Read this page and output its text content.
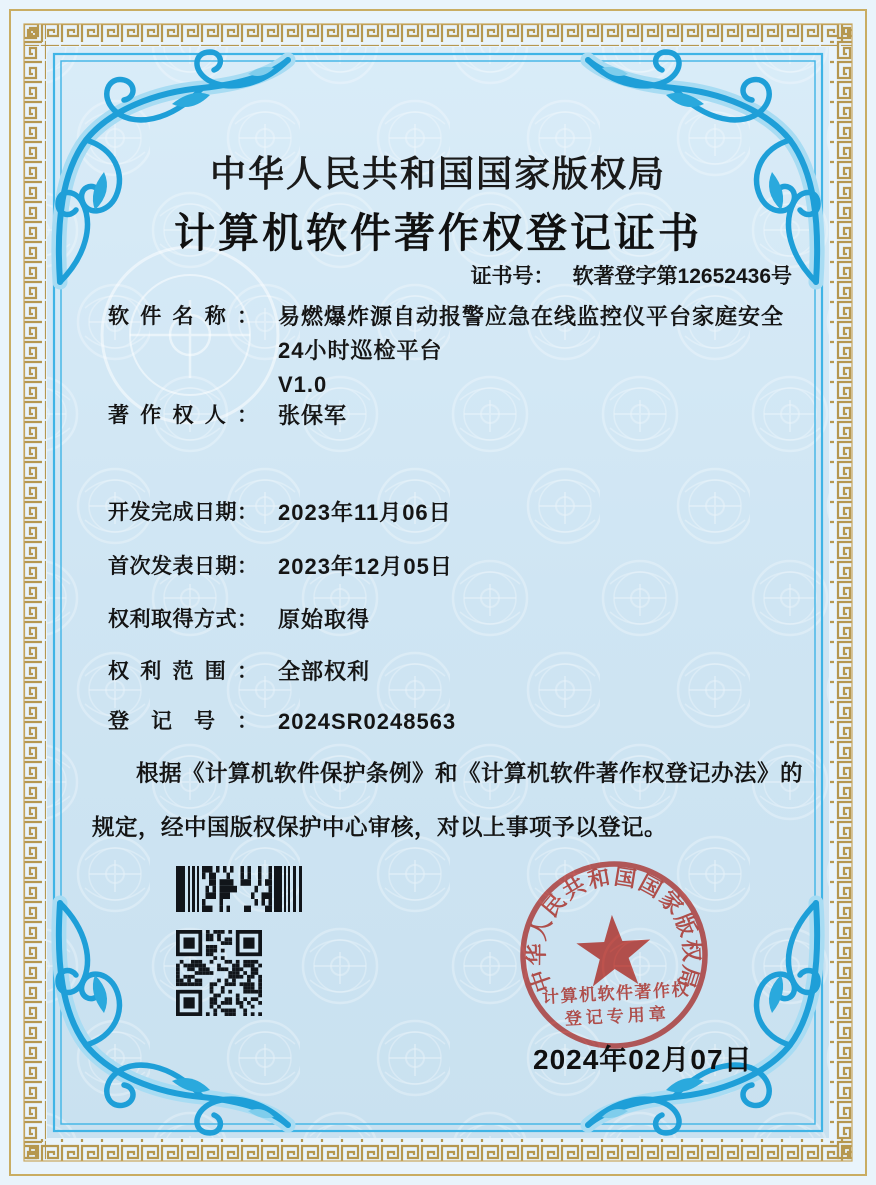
中华人民共和国国家版权局
计算机软件著作权登记证书
证书号： 软著登字第12652436号
软件名称： 易燃爆炸源自动报警应急在线监控仪平台家庭安全
24小时巡检平台
V1.0
著作权人： 张保军
开发完成日期： 2023年11月06日
首次发表日期： 2023年12月05日
权利取得方式： 原始取得
权利范围： 全部权利
登记号： 2024SR0248563
根据《计算机软件保护条例》和《计算机软件著作权登记办法》的
规定，经中国版权保护中心审核，对以上事项予以登记。
中华人民共和国国家版权局
计算机软件著作权
登记专用章
2024年02月07日
